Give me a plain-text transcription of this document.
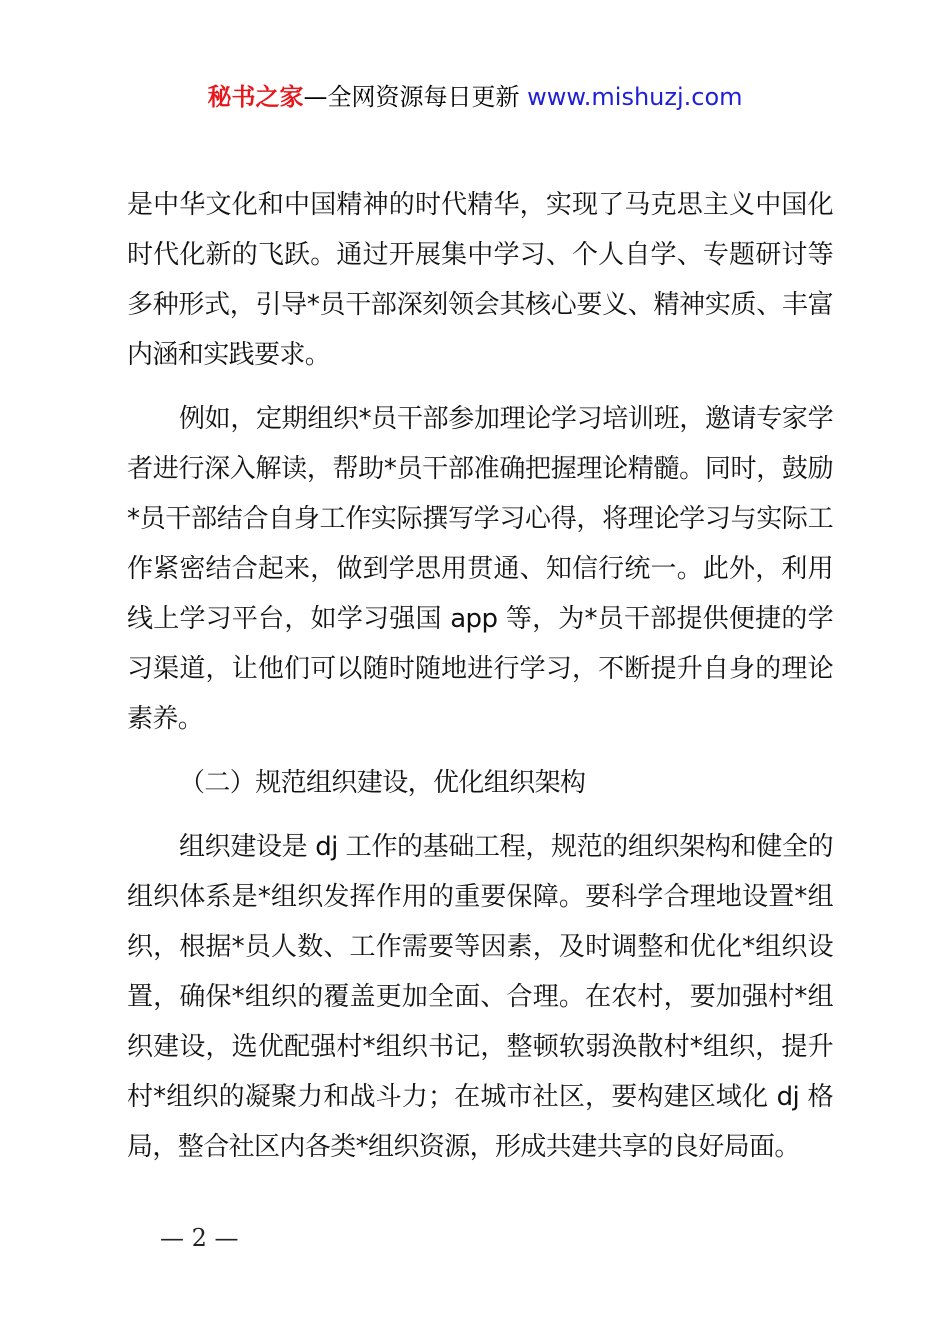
秘书之家—全网资源每日更新 www.mishuzj.com

是中华文化和中国精神的时代精华，实现了马克思主义中国化时代化新的飞跃。通过开展集中学习、个人自学、专题研讨等多种形式，引导*员干部深刻领会其核心要义、精神实质、丰富内涵和实践要求。

例如，定期组织*员干部参加理论学习培训班，邀请专家学者进行深入解读，帮助*员干部准确把握理论精髓。同时，鼓励*员干部结合自身工作实际撰写学习心得，将理论学习与实际工作紧密结合起来，做到学思用贯通、知信行统一。此外，利用线上学习平台，如学习强国 app 等，为*员干部提供便捷的学习渠道，让他们可以随时随地进行学习，不断提升自身的理论素养。

（二）规范组织建设，优化组织架构

组织建设是 dj 工作的基础工程，规范的组织架构和健全的组织体系是*组织发挥作用的重要保障。要科学合理地设置*组织，根据*员人数、工作需要等因素，及时调整和优化*组织设置，确保*组织的覆盖更加全面、合理。在农村，要加强村*组织建设，选优配强村*组织书记，整顿软弱涣散村*组织，提升村*组织的凝聚力和战斗力；在城市社区，要构建区域化 dj 格局，整合社区内各类*组织资源，形成共建共享的良好局面。

— 2 —
